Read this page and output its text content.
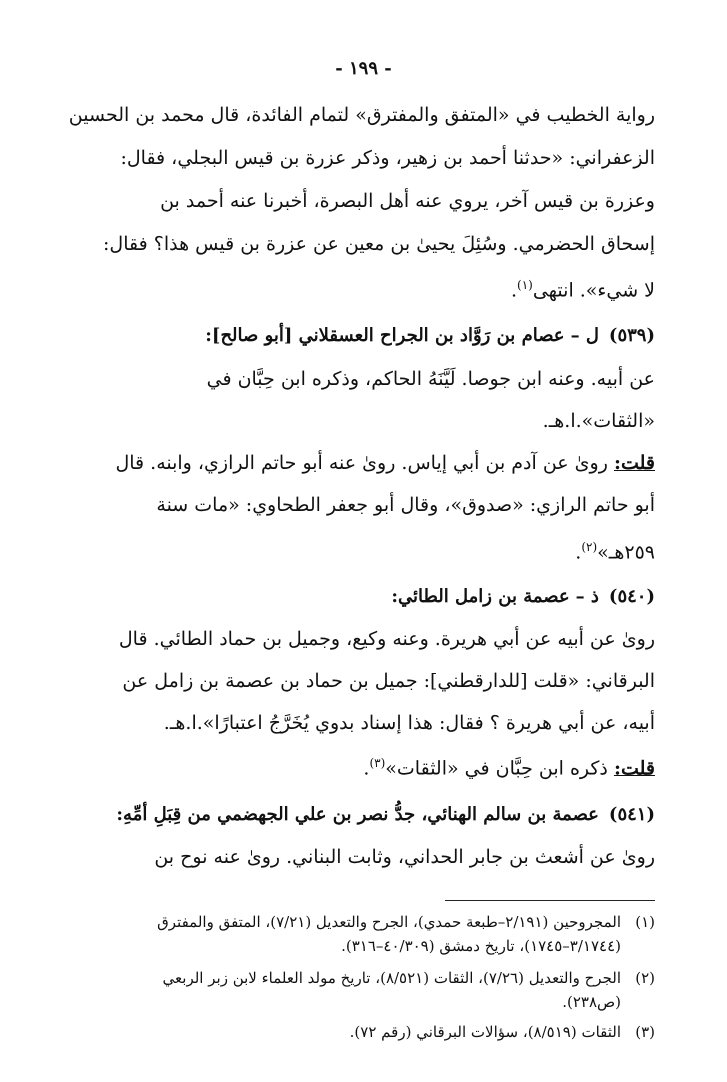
- ١٩٩ -
رواية الخطيب في «المتفق والمفترق» لتمام الفائدة، قال محمد بن الحسين
الزعفراني: «حدثنا أحمد بن زهير، وذكر عزرة بن قيس البجلي، فقال:
وعزرة بن قيس آخر، يروي عنه أهل البصرة، أخبرنا عنه أحمد بن
إسحاق الحضرمي. وسُئِلَ يحيىٰ بن معين عن عزرة بن قيس هذا؟ فقال:
لا شيء». انتهى$^{(١)}$.
(٥٣٩)ل –عصام بن رَوَّاد بن الجراح العسقلاني [أبو صالح]:
عن أبيه. وعنه ابن جوصا. لَيَّنَهُ الحاكم، وذكره ابن حِبَّان في
«الثقات».ا.هـ.
قلت: روىٰ عن آدم بن أبي إياس. روىٰ عنه أبو حاتم الرازي، وابنه. قال
أبو حاتم الرازي: «صدوق»، وقال أبو جعفر الطحاوي: «مات سنة
٢٥٩هـ»$^{(٢)}$.
(٥٤٠)ذ –عصمة بن زامل الطائي:
روىٰ عن أبيه عن أبي هريرة. وعنه وكيع، وجميل بن حماد الطائي. قال
البرقاني: «قلت [للدارقطني]: جميل بن حماد بن عصمة بن زامل عن
أبيه، عن أبي هريرة ؟ فقال: هذا إسناد بدوي يُخَرَّجُ اعتبارًا».ا.هـ.
قلت: ذكره ابن حِبَّان في «الثقات»$^{(٣)}$.
(٥٤١)عصمة بن سالم الهنائي، جدُّ نصر بن علي الجهضمي من قِبَلِ أمِّهِ:
روىٰ عن أشعث بن جابر الحداني، وثابت البناني. روىٰ عنه نوح بن
(١)المجروحين (٢/١٩١–طبعة حمدي)، الجرح والتعديل (٧/٢١)، المتفق والمفترق
(٣/١٧٤٤–١٧٤٥)، تاريخ دمشق (٤٠/٣٠٩–٣١٦).
(٢)الجرح والتعديل (٧/٢٦)، الثقات (٨/٥٢١)، تاريخ مولد العلماء لابن زبر الربعي
(ص٢٣٨).
(٣)الثقات (٨/٥١٩)، سؤالات البرقاني (رقم ٧٢).
